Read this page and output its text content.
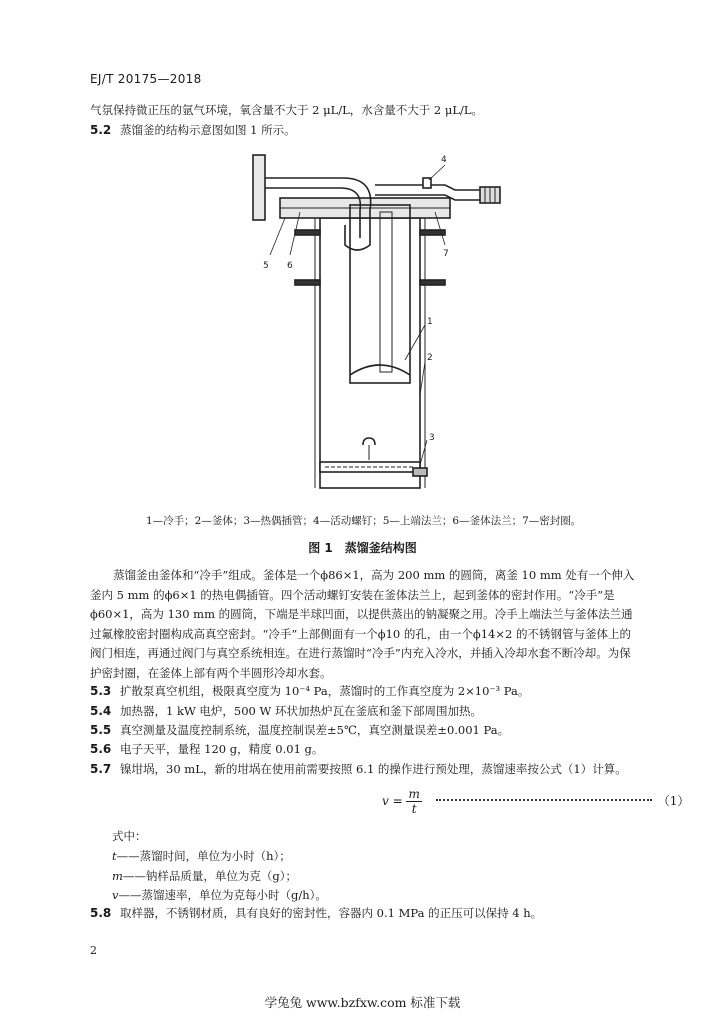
EJ/T 20175—2018
气氛保持微正压的氩气环境，氧含量不大于 2 μL/L，水含量不大于 2 μL/L。
5.2 蒸馏釜的结构示意图如图 1 所示。
4
5 6
7
1
2
3
1—冷手；2—釜体；3—热偶插管；4—活动螺钉；5—上端法兰；6—釜体法兰；7—密封圈。
图 1　蒸馏釜结构图
蒸馏釜由釜体和“冷手”组成。釜体是一个ϕ86×1，高为 200 mm 的圆筒，离釜 10 mm 处有一个伸入釜内 5 mm 的ϕ6×1 的热电偶插管。四个活动螺钉安装在釜体法兰上，起到釜体的密封作用。“冷手”是ϕ60×1，高为 130 mm 的圆筒，下端是半球凹面，以提供蒸出的钠凝聚之用。冷手上端法兰与釜体法兰通过氟橡胶密封圈构成高真空密封。“冷手”上部侧面有一个ϕ10 的孔，由一个ϕ14×2 的不锈钢管与釜体上的阀门相连，再通过阀门与真空系统相连。在进行蒸馏时“冷手”内充入冷水，并插入冷却水套不断冷却。为保护密封圈，在釜体上部有两个半圆形冷却水套。
5.3 扩散泵真空机组，极限真空度为 10⁻⁴ Pa，蒸馏时的工作真空度为 2×10⁻³ Pa。
5.4 加热器，1 kW 电炉，500 W 环状加热炉瓦在釜底和釜下部周围加热。
5.5 真空测量及温度控制系统，温度控制误差±5℃，真空测量误差±0.001 Pa。
5.6 电子天平，量程 120 g，精度 0.01 g。
5.7 镍坩埚，30 mL，新的坩埚在使用前需要按照 6.1 的操作进行预处理，蒸馏速率按公式（1）计算。
$v = \frac{m}{t}$	（1）
式中：
t——蒸馏时间，单位为小时（h）；
m——钠样品质量，单位为克（g）；
v——蒸馏速率，单位为克每小时（g/h）。
5.8 取样器，不锈钢材质，具有良好的密封性，容器内 0.1 MPa 的正压可以保持 4 h。
2
学兔兔 www.bzfxw.com 标准下载
